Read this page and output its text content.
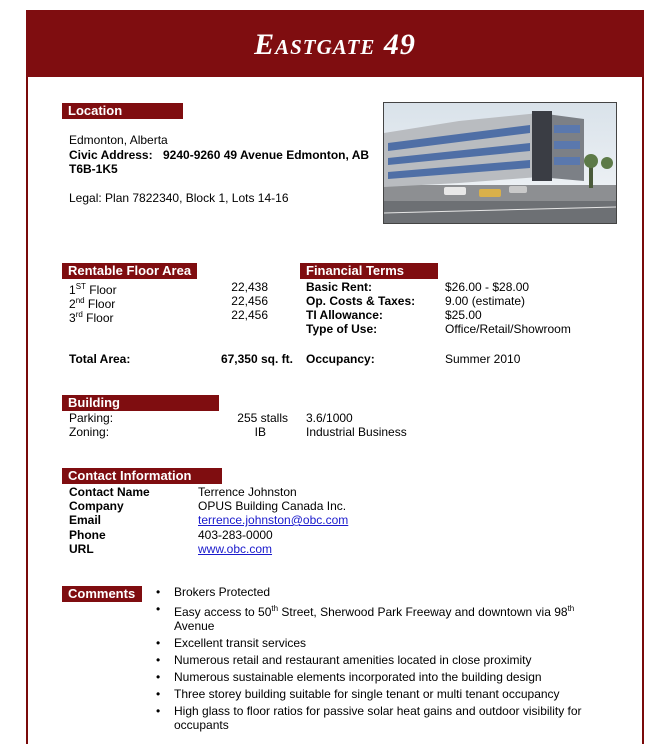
Eastgate 49
Location
Edmonton, Alberta
Civic Address: 9240-9260 49 Avenue Edmonton, AB
T6B-1K5
Legal: Plan 7822340, Block 1, Lots 14-16
Rentable Floor Area
1ST Floor	22,438
2nd Floor	22,456
3rd Floor	22,456
Total Area:	67,350 sq. ft.
Financial Terms
Basic Rent:	$26.00 - $28.00
Op. Costs & Taxes: 9.00 (estimate)
TI Allowance:	$25.00
Type of Use:	Office/Retail/Showroom
Occupancy:	Summer 2010
Building
Parking:	255 stalls 3.6/1000
Zoning:	IB	Industrial Business
Contact Information
Contact Name	Terrence Johnston
Company	OPUS Building Canada Inc.
Email	terrence.johnston@obc.com
Phone	403-283-0000
URL	www.obc.com
Comments
•	Brokers Protected
• Easy access to 50th Street, Sherwood Park Freeway and downtown via 98th Avenue
• Excellent transit services
• Numerous retail and restaurant amenities located in close proximity
• Numerous sustainable elements incorporated into the building design
• Three storey building suitable for single tenant or multi tenant occupancy
• High glass to floor ratios for passive solar heat gains and outdoor visibility for occupants
